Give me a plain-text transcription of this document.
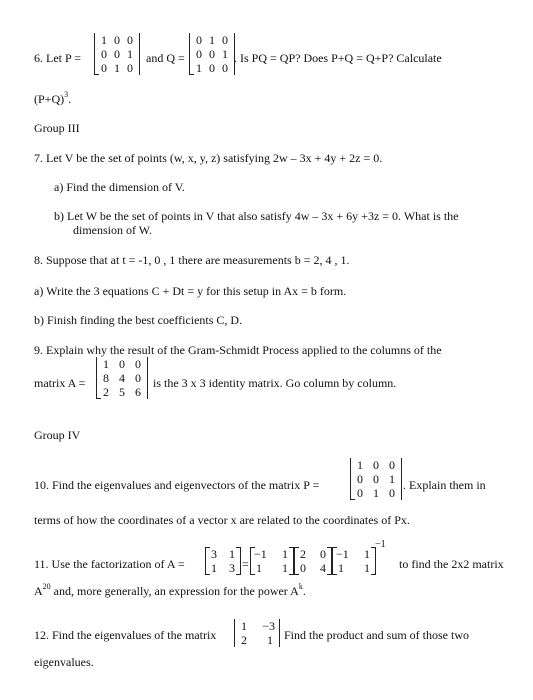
6. Let P =
1 0 0
0 0 1
0 1 0
and Q =
0 1 0
0 0 1
1 0 0
. Is PQ = QP? Does P+Q = Q+P? Calculate
$(P+Q)^3$.
Group III
7. Let V be the set of points (w, x, y, z) satisfying 2w – 3x + 4y + 2z = 0.
a) Find the dimension of V.
b) Let W be the set of points in V that also satisfy 4w – 3x + 6y +3z = 0. What is the
dimension of W.
8. Suppose that at t = -1, 0 , 1 there are measurements b = 2, 4 , 1.
a) Write the 3 equations C + Dt = y for this setup in Ax = b form.
b) Finish finding the best coefficients C, D.
9. Explain why the result of the Gram-Schmidt Process applied to the columns of the
matrix A =
1 0 0
8 4 0
2 5 6
is the 3 x 3 identity matrix. Go column by column.
Group IV
10. Find the eigenvalues and eigenvectors of the matrix P =
1 0 0
0 0 1
0 1 0
. Explain them in
terms of how the coordinates of a vector x are related to the coordinates of Px.
11. Use the factorization of A =
3 1
1 3 =
−1 1
1 1
2 0
0 4
−1 1
1 1
−1
to find the 2x2 matrix
$A^{20}$ and, more generally, an expression for the power $A^k$.
12. Find the eigenvalues of the matrix
1 −3
2 1 Find the product and sum of those two
eigenvalues.
